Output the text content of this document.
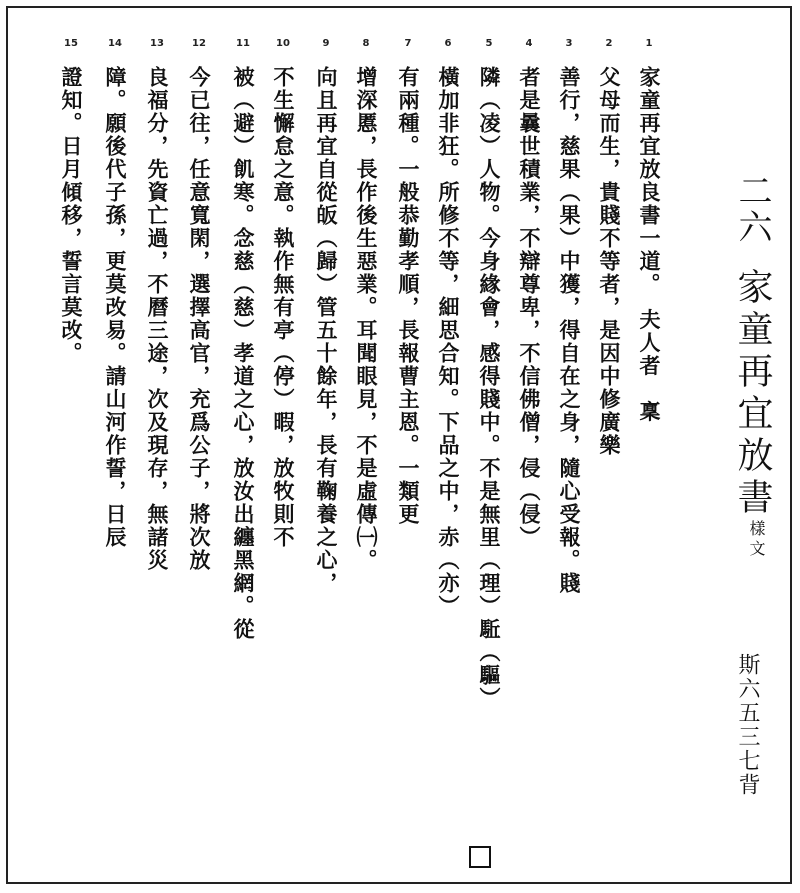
二六
家童再宜放書
樣文
斯六五三七背
1
2
3
4
5
6
7
8
9
10
11
12
13
14
15
家童再宜放良書一道。　夫人者　稟
父母而生，貴賤不等者，是因中修廣樂
善行，慈果（果）中獲，得自在之身，隨心受報。賤
者是曩世積業，不辯尊卑，不信佛僧，侵（侵）
隣（凌）人物。今身緣會，感得賤中。不是無里（理）駈（驅）
橫加非狂。所修不等，細思合知。下品之中，赤（亦）
有兩種。一般恭勤孝順，長報曹主恩。一類更
增深慝，長作後生惡業。耳聞眼見，不是虛傳㈠。
向且再宜自從皈（歸）管五十餘年，長有鞠養之心，
不生懈怠之意。執作無有亭（停）暇，放牧則不
被（避）飢寒。念慈（慈）孝道之心，放汝出纏黑網。從
今已往，任意寬閑，選擇高官，充爲公子，將次放
良福分，先資亡過，不曆三途，次及現存，無諸災
障。願後代子孫，更莫改易。請山河作誓，日辰
證知。日月傾移，誓言莫改。
